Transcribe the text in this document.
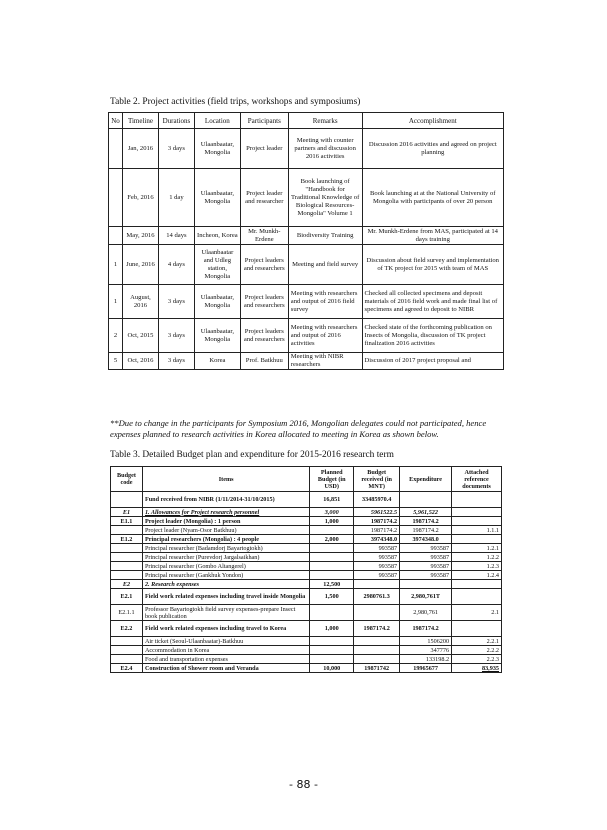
Table 2. Project activities (field trips, workshops and symposiums)
No	Timeline	Durations	Location	Participants	Remarks	Accomplishment
	Jan, 2016	3 days	Ulaanbaatar, Mongolia	Project leader	Meeting with counter partners and discussion 2016 activities	Discussion 2016 activities and agreed on project planning
	Feb, 2016	1 day	Ulaanbaatar, Mongolia	Project leader and researcher	Book launching of "Handbook for Traditional Knowledge of Biological Resources-Mongolia" Volume 1	Book launching at at the National University of Mongolia with participants of over 20 person
	May, 2016	14 days	Incheon, Korea	Mr. Munkh-Erdene	Biodiversity Training	Mr. Munkh-Erdene from MAS, participated at 14 days training
1	June, 2016	4 days	Ulaanbaatar and Udleg station, Mongolia	Project leaders and researchers	Meeting and field survey	Discussion about field survey and implementation of TK project for 2015 with team of MAS
1	August, 2016	3 days	Ulaanbaatar, Mongolia	Project leaders and researchers	Meeting with researchers and output of 2016 field survey	Checked all collected specimens and deposit materials of 2016 field work and made final list of specimens and agreed to deposit to NIBR
2	Oct, 2015	3 days	Ulaanbaatar, Mongolia	Project leaders and researchers	Meeting with researchers and output of 2016 activities	Checked state of the forthcoming publication on Insects of Mongolia, discussion of TK project finalization 2016 activities
5	Oct, 2016	3 days	Korea	Prof. Batkhuu	Meeting with NIBR researchers	Discussion of 2017 project proposal and
**Due to change in the participants for Symposium 2016, Mongolian delegates could not participated, hence expenses planned to research activities in Korea allocated to meeting in Korea as shown below.
Table 3. Detailed Budget plan and expenditure for 2015-2016 research term
Budget code	Items	Planned Budget (in USD)	Budget received (in MNT)	Expenditure	Attached reference documents
	Fund received from NIBR (1/11/2014-31/10/2015)	16,851	33485970.4		
E1	1. Allowances for Project research personnel	3,000	5961522.5	5,961,522	
E1.1	Project leader (Mongolia) : 1 person	1,000	1987174.2	1987174.2	
	Project leader (Nyam-Osor Batkhuu)		1987174.2	1987174.2	1.1.1
E1.2	Principal researchers (Mongolia) : 4 people	2,000	3974348.0	3974348.0	
	Principal researcher (Badamdorj Bayartogtokh)		993587	993587	1.2.1
	Principal researcher (Purevdorj Jargalsaikhan)		993587	993587	1.2.2
	Principal researcher (Gombo Altangerel)		993587	993587	1.2.3
	Principal researcher (Gankhuk Yondon)		993587	993587	1.2.4
E2	2. Research expenses	12,500			
E2.1	Field work related expenses including travel inside Mongolia	1,500	2980761.3	2,980,761T	
E2.1.1	Professor Bayartogtokh field survey expenses-prepare Insect book publication			2,980,761	2.1
E2.2	Field work related expenses including travel to Korea	1,000	1987174.2	1987174.2	
	Air ticket (Seoul-Ulaanbaatar)-Batkhuu			1506200	2.2.1
	Accommodation in Korea			347776	2.2.2
	Food and transportation expenses			133198.2	2.2.3
E2.4	Construction of Shower room and Veranda	10,000	19871742	19965677	83,935
- 88 -
